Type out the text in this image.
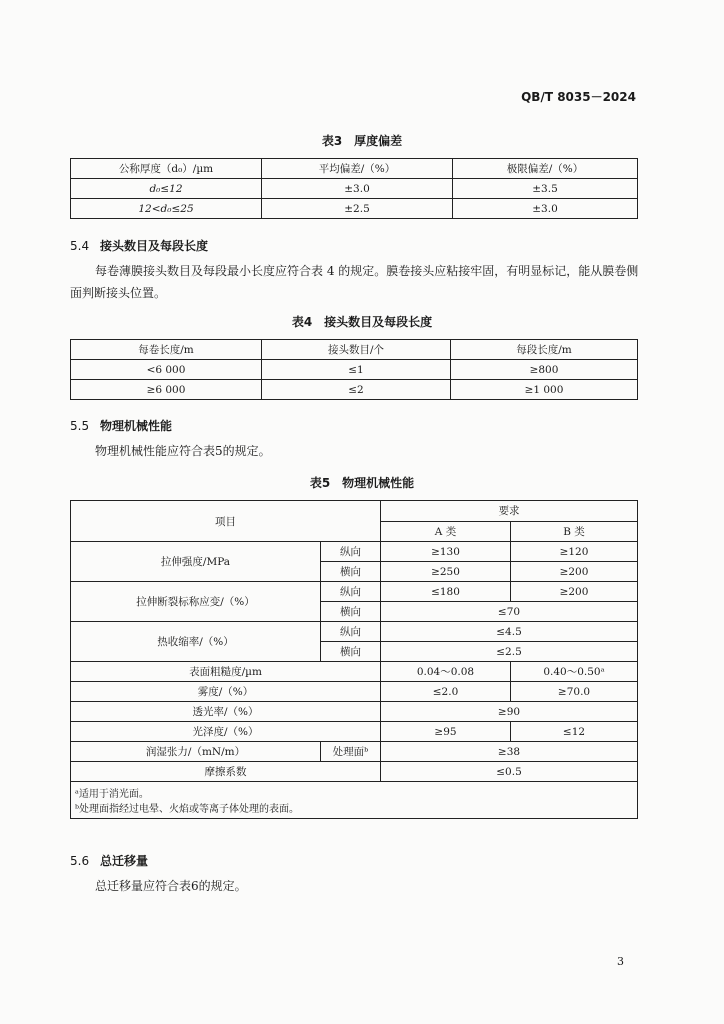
QB/T 8035－2024
表3　厚度偏差
公称厚度（d₀）/µm	平均偏差/（%）	极限偏差/（%）
d₀≤12	±3.0	±3.5
12<d₀≤25	±2.5	±3.0
5.4 接头数目及每段长度
每卷薄膜接头数目及每段最小长度应符合表 4 的规定。膜卷接头应粘接牢固，有明显标记，能从膜卷侧面判断接头位置。
表4　接头数目及每段长度
每卷长度/m	接头数目/个	每段长度/m
<6 000	≤1	≥800
≥6 000	≤2	≥1 000
5.5 物理机械性能
物理机械性能应符合表5的规定。
表5　物理机械性能
项目		要求	
		A 类	B 类
拉伸强度/MPa	纵向	≥130	≥120
	横向	≥250	≥200
拉伸断裂标称应变/（%）	纵向	≤180	≥200
	横向	≤70	
热收缩率/（%）	纵向	≤4.5	
	横向	≤2.5	
表面粗糙度/µm		0.04～0.08	0.40～0.50ᵃ
雾度/（%）		≤2.0	≥70.0
透光率/（%）		≥90	
光泽度/（%）		≥95	≤12
润湿张力/（mN/m）	处理面ᵇ	≥38	
摩擦系数		≤0.5	

ᵃ适用于消光面。
ᵇ处理面指经过电晕、火焰或等离子体处理的表面。			
5.6 总迁移量
总迁移量应符合表6的规定。
3
